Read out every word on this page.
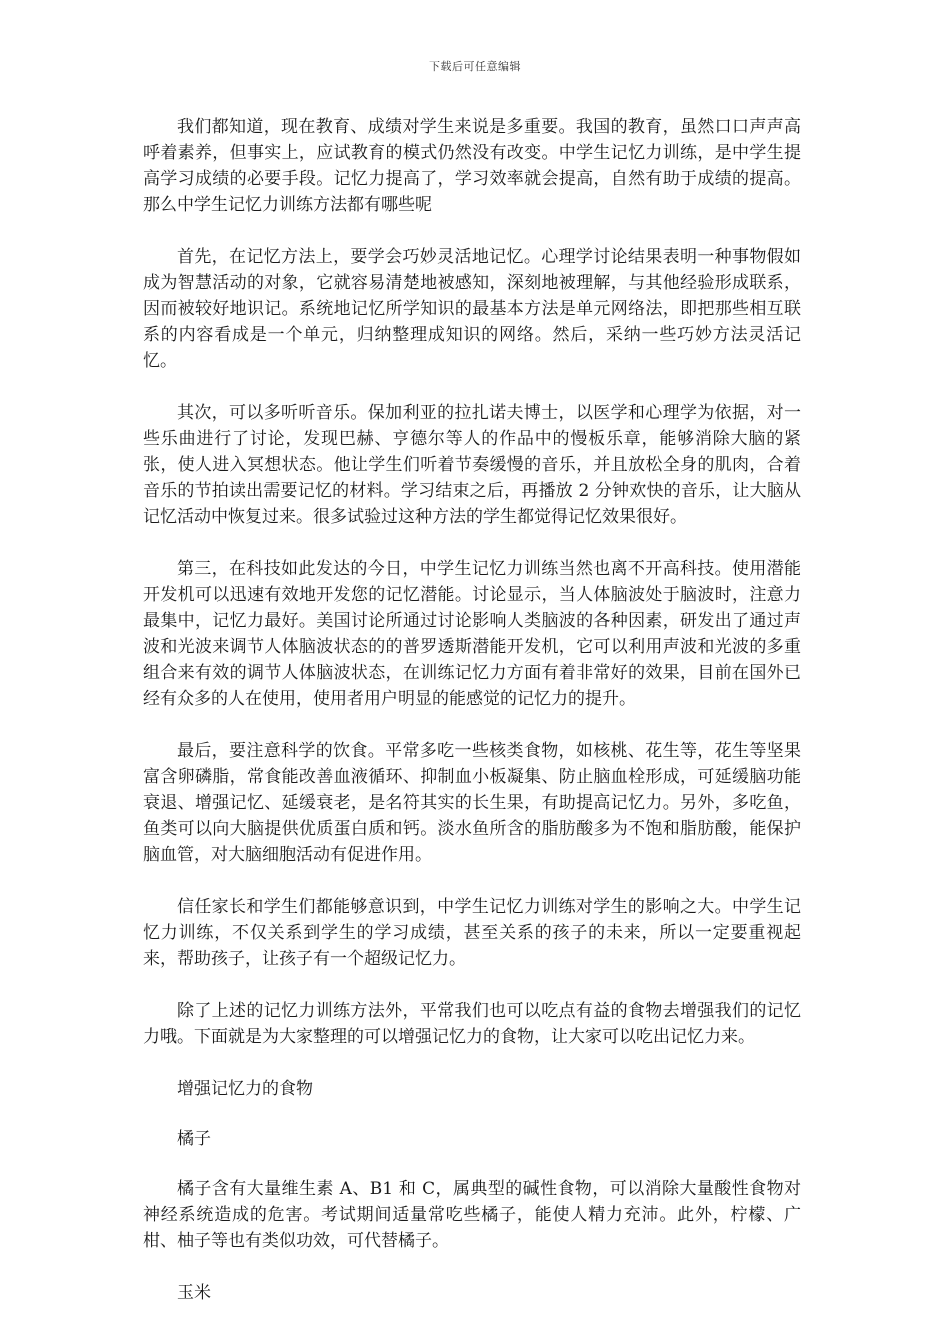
下载后可任意编辑

我们都知道，现在教育、成绩对学生来说是多重要。我国的教育，虽然口口声声高呼着素养，但事实上，应试教育的模式仍然没有改变。中学生记忆力训练，是中学生提高学习成绩的必要手段。记忆力提高了，学习效率就会提高，自然有助于成绩的提高。那么中学生记忆力训练方法都有哪些呢

首先，在记忆方法上，要学会巧妙灵活地记忆。心理学讨论结果表明一种事物假如成为智慧活动的对象，它就容易清楚地被感知，深刻地被理解，与其他经验形成联系，因而被较好地识记。系统地记忆所学知识的最基本方法是单元网络法，即把那些相互联系的内容看成是一个单元，归纳整理成知识的网络。然后，采纳一些巧妙方法灵活记忆。

其次，可以多听听音乐。保加利亚的拉扎诺夫博士，以医学和心理学为依据，对一些乐曲进行了讨论，发现巴赫、亨德尔等人的作品中的慢板乐章，能够消除大脑的紧张，使人进入冥想状态。他让学生们听着节奏缓慢的音乐，并且放松全身的肌肉，合着音乐的节拍读出需要记忆的材料。学习结束之后，再播放 2 分钟欢快的音乐，让大脑从记忆活动中恢复过来。很多试验过这种方法的学生都觉得记忆效果很好。

第三，在科技如此发达的今日，中学生记忆力训练当然也离不开高科技。使用潜能开发机可以迅速有效地开发您的记忆潜能。讨论显示，当人体脑波处于脑波时，注意力最集中，记忆力最好。美国讨论所通过讨论影响人类脑波的各种因素，研发出了通过声波和光波来调节人体脑波状态的的普罗透斯潜能开发机，它可以利用声波和光波的多重组合来有效的调节人体脑波状态，在训练记忆力方面有着非常好的效果，目前在国外已经有众多的人在使用，使用者用户明显的能感觉的记忆力的提升。

最后，要注意科学的饮食。平常多吃一些核类食物，如核桃、花生等，花生等坚果富含卵磷脂，常食能改善血液循环、抑制血小板凝集、防止脑血栓形成，可延缓脑功能衰退、增强记忆、延缓衰老，是名符其实的长生果，有助提高记忆力。另外，多吃鱼，鱼类可以向大脑提供优质蛋白质和钙。淡水鱼所含的脂肪酸多为不饱和脂肪酸，能保护脑血管，对大脑细胞活动有促进作用。

信任家长和学生们都能够意识到，中学生记忆力训练对学生的影响之大。中学生记忆力训练，不仅关系到学生的学习成绩，甚至关系的孩子的未来，所以一定要重视起来，帮助孩子，让孩子有一个超级记忆力。

除了上述的记忆力训练方法外，平常我们也可以吃点有益的食物去增强我们的记忆力哦。下面就是为大家整理的可以增强记忆力的食物，让大家可以吃出记忆力来。

增强记忆力的食物

橘子

橘子含有大量维生素 A、B1 和 C，属典型的碱性食物，可以消除大量酸性食物对神经系统造成的危害。考试期间适量常吃些橘子，能使人精力充沛。此外，柠檬、广柑、柚子等也有类似功效，可代替橘子。

玉米
